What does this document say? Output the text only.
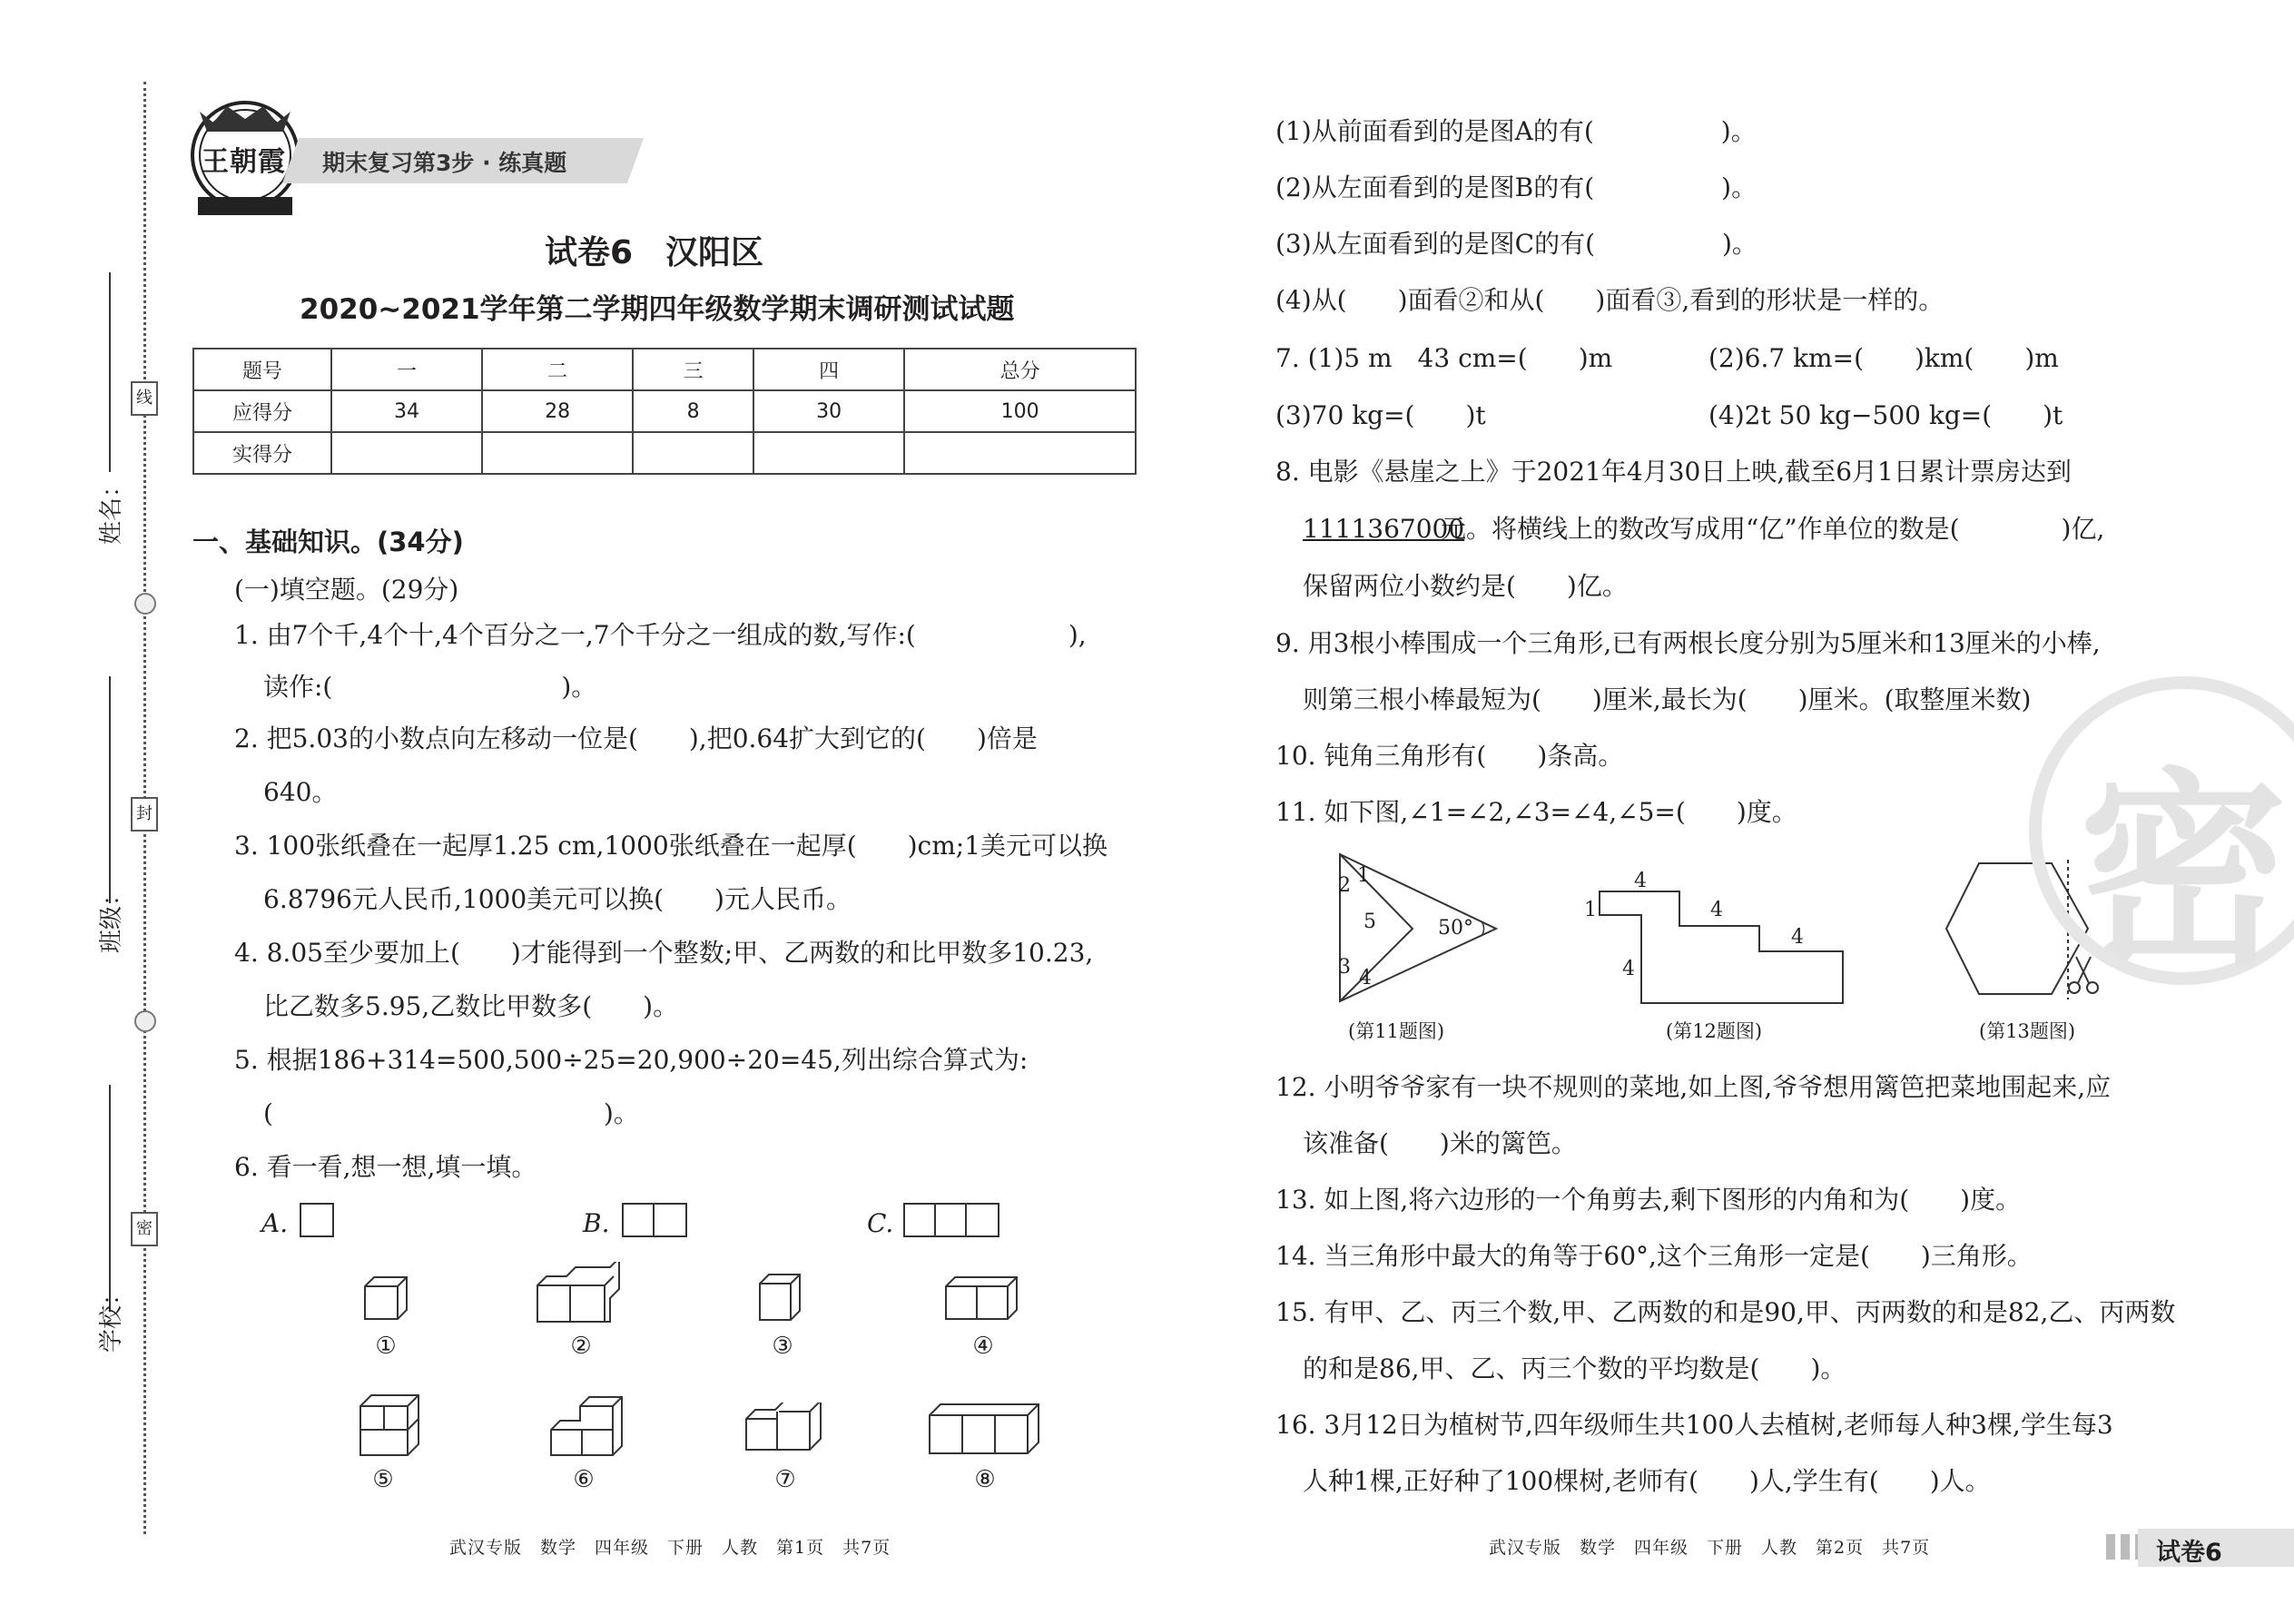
姓名：
班级：
学校：
线
封
密
王朝霞 期末复习第3步 · 练真题
试卷6　汉阳区
2020~2021学年第二学期四年级数学期末调研测试试题
题号	一	二	三	四	总分
应得分	34	28	8	30	100
实得分					
一、基础知识。(34分)
(一)填空题。(29分)
1. 由7个千,4个十,4个百分之一,7个千分之一组成的数,写作:(　　　　　　),
读作:(　　　　　　　　　)。
2. 把5.03的小数点向左移动一位是(　　),把0.64扩大到它的(　　)倍是
640。
3. 100张纸叠在一起厚1.25 cm,1000张纸叠在一起厚(　　)cm;1美元可以换
6.8796元人民币,1000美元可以换(　　)元人民币。
4. 8.05至少要加上(　　)才能得到一个整数;甲、乙两数的和比甲数多10.23,
比乙数多5.95,乙数比甲数多(　　)。
5. 根据186+314=500,500÷25=20,900÷20=45,列出综合算式为:
(　　　　　　　　　　　　　)。
6. 看一看,想一想,填一填。
A.	B.	C.
①	②	③	④
⑤	⑥	⑦	⑧
(1)从前面看到的是图A的有(　　　　　)。
(2)从左面看到的是图B的有(　　　　　)。
(3)从左面看到的是图C的有(　　　　　)。
(4)从(　　)面看②和从(　　)面看③,看到的形状是一样的。
7. (1)5 m　43 cm=(　　)m	(2)6.7 km=(　　)km(　　)m
(3)70 kg=(　　)t	(4)2t 50 kg−500 kg=(　　)t
8. 电影《悬崖之上》于2021年4月30日上映,截至6月1日累计票房达到
1111367000
元。将横线上的数改写成用“亿”作单位的数是(　　　　)亿,
保留两位小数约是(　　)亿。
9. 用3根小棒围成一个三角形,已有两根长度分别为5厘米和13厘米的小棒,
则第三根小棒最短为(　　)厘米,最长为(　　)厘米。(取整厘米数)
10. 钝角三角形有(　　)条高。
11. 如下图,∠1=∠2,∠3=∠4,∠5=(　　)度。
1
2
5	50°
3 4
(第11题图)
4
4
4
1
4
(第12题图)	(第13题图)
12. 小明爷爷家有一块不规则的菜地,如上图,爷爷想用篱笆把菜地围起来,应
该准备(　　)米的篱笆。
13. 如上图,将六边形的一个角剪去,剩下图形的内角和为(　　)度。
14. 当三角形中最大的角等于60°,这个三角形一定是(　　)三角形。
15. 有甲、乙、丙三个数,甲、乙两数的和是90,甲、丙两数的和是82,乙、丙两数
的和是86,甲、乙、丙三个数的平均数是(　　)。
16. 3月12日为植树节,四年级师生共100人去植树,老师每人种3棵,学生每3
人种1棵,正好种了100棵树,老师有(　　)人,学生有(　　)人。
密
武汉专版　数学　四年级　下册　人教　第1页　共7页	武汉专版　数学　四年级　下册　人教　第2页　共7页	试卷6
